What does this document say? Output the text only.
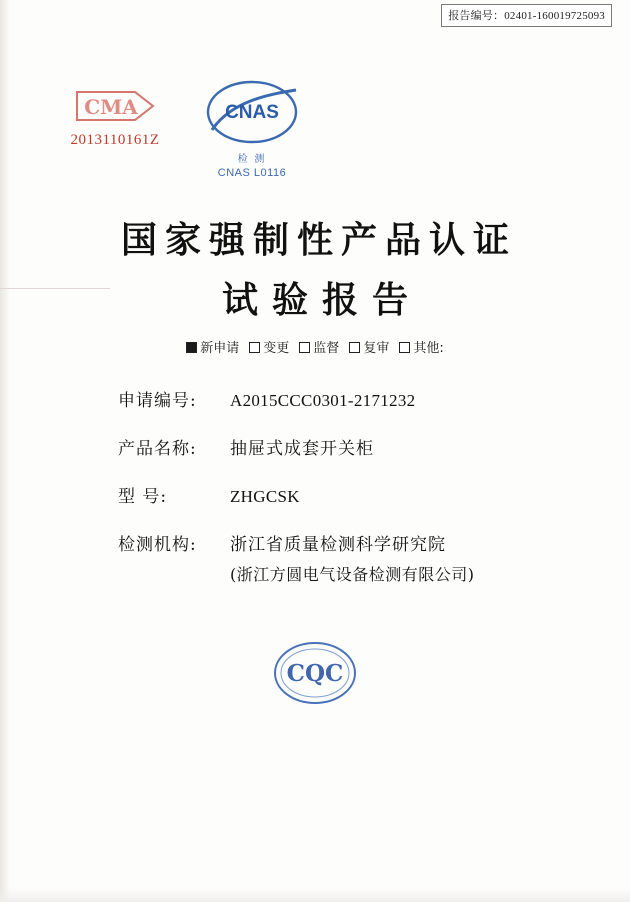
报告编号：02401-160019725093
CMA
2013110161Z
CNAS
检 测
CNAS L0116
国家强制性产品认证
试验报告
新申请 变更 监督 复审 其他:
申请编号:	A2015CCC0301-2171232
产品名称:	抽屉式成套开关柜
型 号:	ZHGCSK
检测机构:	浙江省质量检测科学研究院
(浙江方圆电气设备检测有限公司)
CQC
